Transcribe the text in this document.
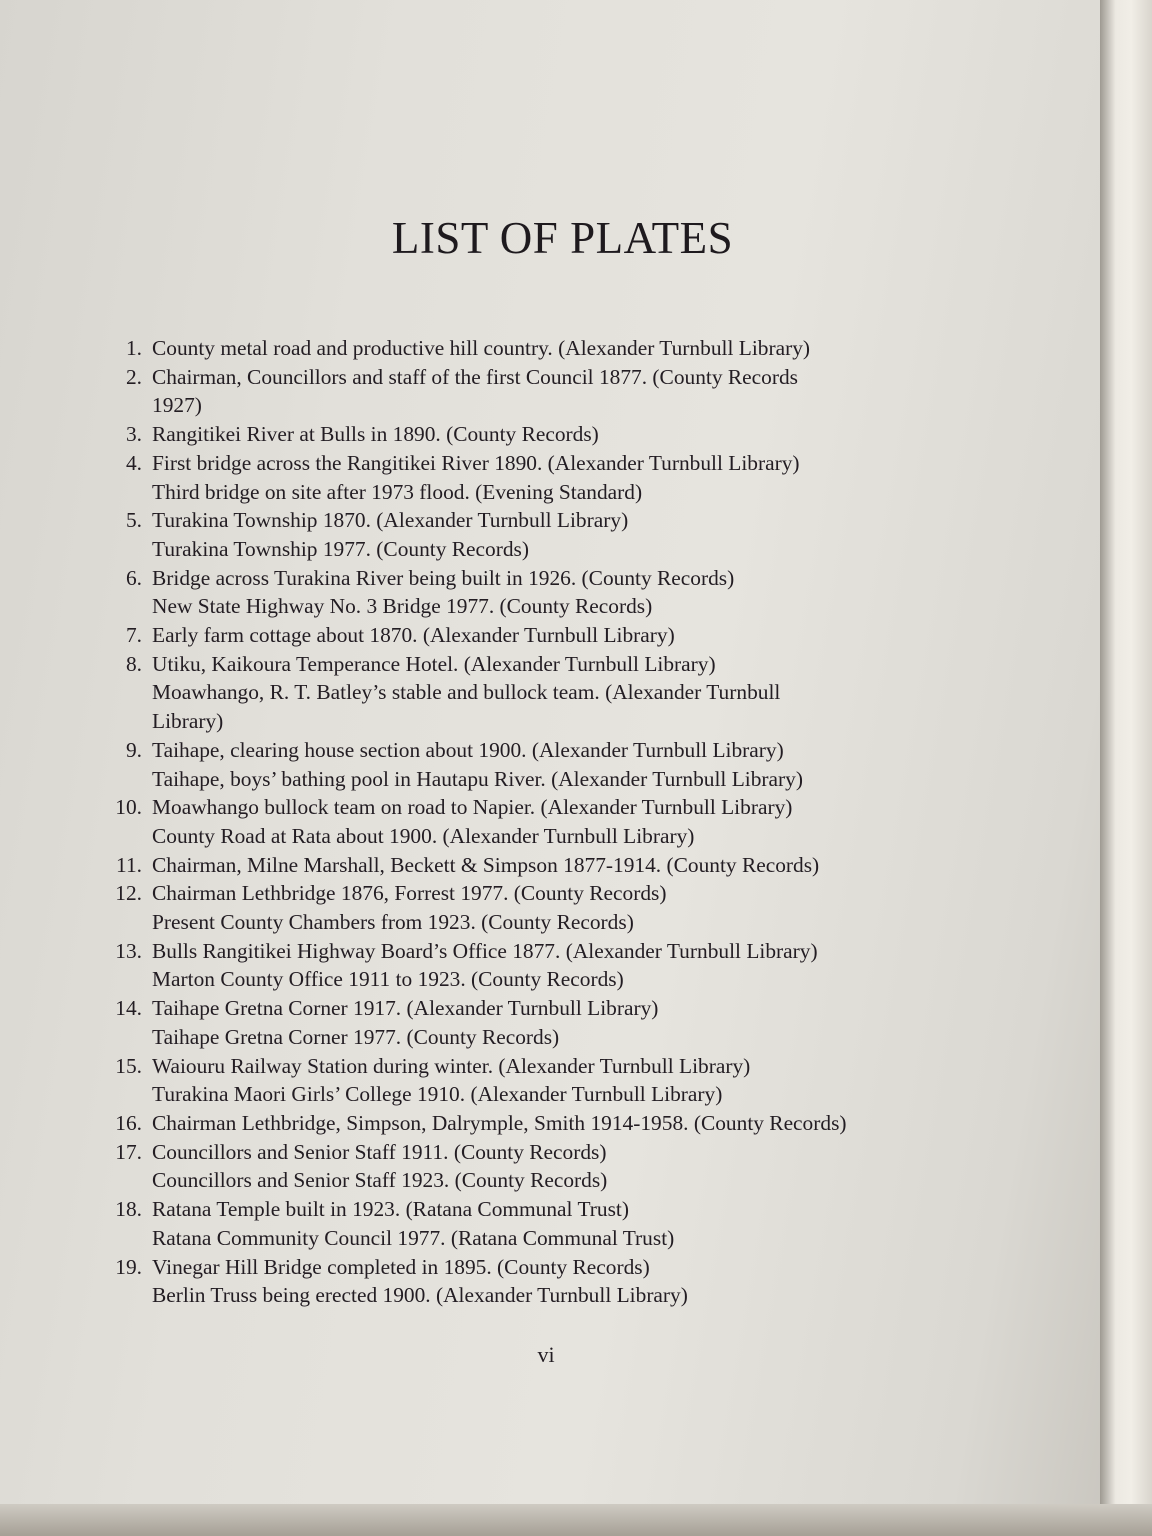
LIST OF PLATES
1. County metal road and productive hill country. (Alexander Turnbull Library)
2. Chairman, Councillors and staff of the first Council 1877. (County Records
1927)
3. Rangitikei River at Bulls in 1890. (County Records)
4. First bridge across the Rangitikei River 1890. (Alexander Turnbull Library)
Third bridge on site after 1973 flood. (Evening Standard)
5. Turakina Township 1870. (Alexander Turnbull Library)
Turakina Township 1977. (County Records)
6. Bridge across Turakina River being built in 1926. (County Records)
New State Highway No. 3 Bridge 1977. (County Records)
7. Early farm cottage about 1870. (Alexander Turnbull Library)
8. Utiku, Kaikoura Temperance Hotel. (Alexander Turnbull Library)
Moawhango, R. T. Batley’s stable and bullock team. (Alexander Turnbull
Library)
9. Taihape, clearing house section about 1900. (Alexander Turnbull Library)
Taihape, boys’ bathing pool in Hautapu River. (Alexander Turnbull Library)
10. Moawhango bullock team on road to Napier. (Alexander Turnbull Library)
County Road at Rata about 1900. (Alexander Turnbull Library)
11. Chairman, Milne Marshall, Beckett & Simpson 1877-1914. (County Records)
12. Chairman Lethbridge 1876, Forrest 1977. (County Records)
Present County Chambers from 1923. (County Records)
13. Bulls Rangitikei Highway Board’s Office 1877. (Alexander Turnbull Library)
Marton County Office 1911 to 1923. (County Records)
14. Taihape Gretna Corner 1917. (Alexander Turnbull Library)
Taihape Gretna Corner 1977. (County Records)
15. Waiouru Railway Station during winter. (Alexander Turnbull Library)
Turakina Maori Girls’ College 1910. (Alexander Turnbull Library)
16. Chairman Lethbridge, Simpson, Dalrymple, Smith 1914-1958. (County Records)
17. Councillors and Senior Staff 1911. (County Records)
Councillors and Senior Staff 1923. (County Records)
18. Ratana Temple built in 1923. (Ratana Communal Trust)
Ratana Community Council 1977. (Ratana Communal Trust)
19. Vinegar Hill Bridge completed in 1895. (County Records)
Berlin Truss being erected 1900. (Alexander Turnbull Library)
vi
